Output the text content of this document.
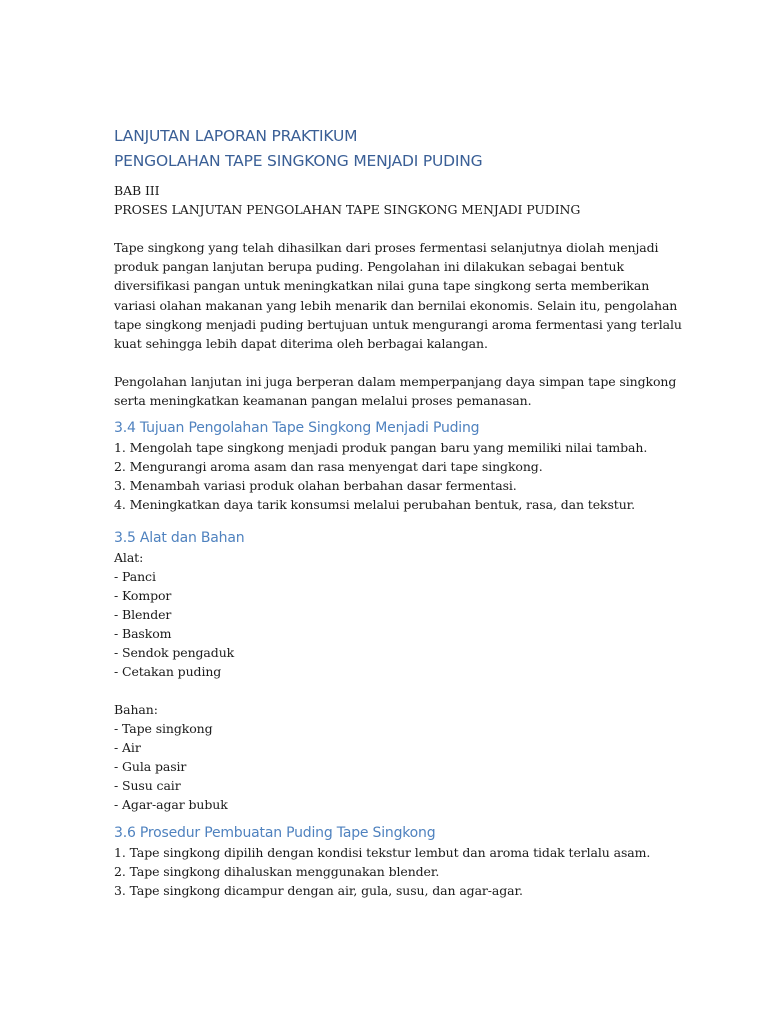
LANJUTAN LAPORAN PRAKTIKUM
PENGOLAHAN TAPE SINGKONG MENJADI PUDING

BAB III

PROSES LANJUTAN PENGOLAHAN TAPE SINGKONG MENJADI PUDING

Tape singkong yang telah dihasilkan dari proses fermentasi selanjutnya diolah menjadi

produk pangan lanjutan berupa puding. Pengolahan ini dilakukan sebagai bentuk

diversifikasi pangan untuk meningkatkan nilai guna tape singkong serta memberikan

variasi olahan makanan yang lebih menarik dan bernilai ekonomis. Selain itu, pengolahan

tape singkong menjadi puding bertujuan untuk mengurangi aroma fermentasi yang terlalu

kuat sehingga lebih dapat diterima oleh berbagai kalangan.

Pengolahan lanjutan ini juga berperan dalam memperpanjang daya simpan tape singkong

serta meningkatkan keamanan pangan melalui proses pemanasan.

3.4 Tujuan Pengolahan Tape Singkong Menjadi Puding
1. Mengolah tape singkong menjadi produk pangan baru yang memiliki nilai tambah.
2. Mengurangi aroma asam dan rasa menyengat dari tape singkong.
3. Menambah variasi produk olahan berbahan dasar fermentasi.
4. Meningkatkan daya tarik konsumsi melalui perubahan bentuk, rasa, dan tekstur.
3.5 Alat dan Bahan

Alat:

- Panci
- Kompor
- Blender
- Baskom
- Sendok pengaduk
- Cetakan puding

Bahan:

- Tape singkong
- Air
- Gula pasir
- Susu cair
- Agar-agar bubuk
3.6 Prosedur Pembuatan Puding Tape Singkong
1. Tape singkong dipilih dengan kondisi tekstur lembut dan aroma tidak terlalu asam.
2. Tape singkong dihaluskan menggunakan blender.
3. Tape singkong dicampur dengan air, gula, susu, dan agar-agar.
